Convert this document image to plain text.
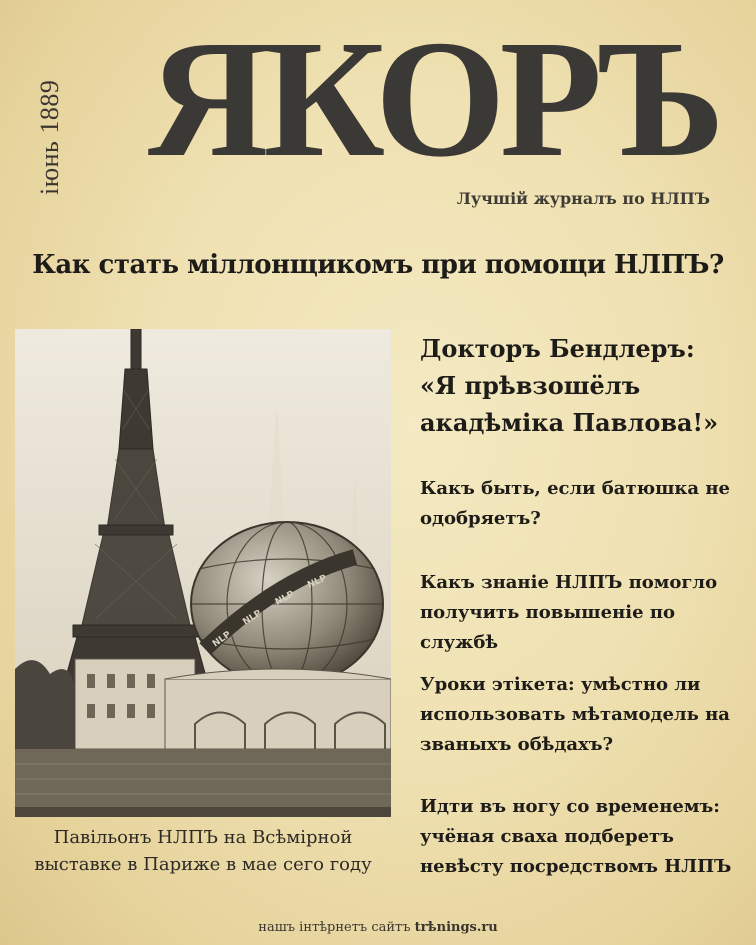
іюнь 1889 ЯКОРЪ
Лучшій журналъ по НЛПЪ
Как стать міллонщикомъ при помощи НЛПЪ?
NLP
NLP
NLP
NLP
Павільонъ НЛПЪ на Всѣмірной
выставке в Париже в мае сего году
Докторъ Бендлеръ:
«Я прѣвзошёлъ
акадѣміка Павлова!»
Какъ быть, если батюшка не
одобряетъ?
Какъ знаніе НЛПЪ помогло
получить повышеніе по службѣ
Уроки этікета: умѣстно ли
использовать мѣтамодель на
званыхъ обѣдахъ?
Идти въ ногу со временемъ:
учёная сваха подберетъ
невѣсту посредствомъ НЛПЪ
нашъ інтѣрнетъ сайтъ trѣnings.ru
